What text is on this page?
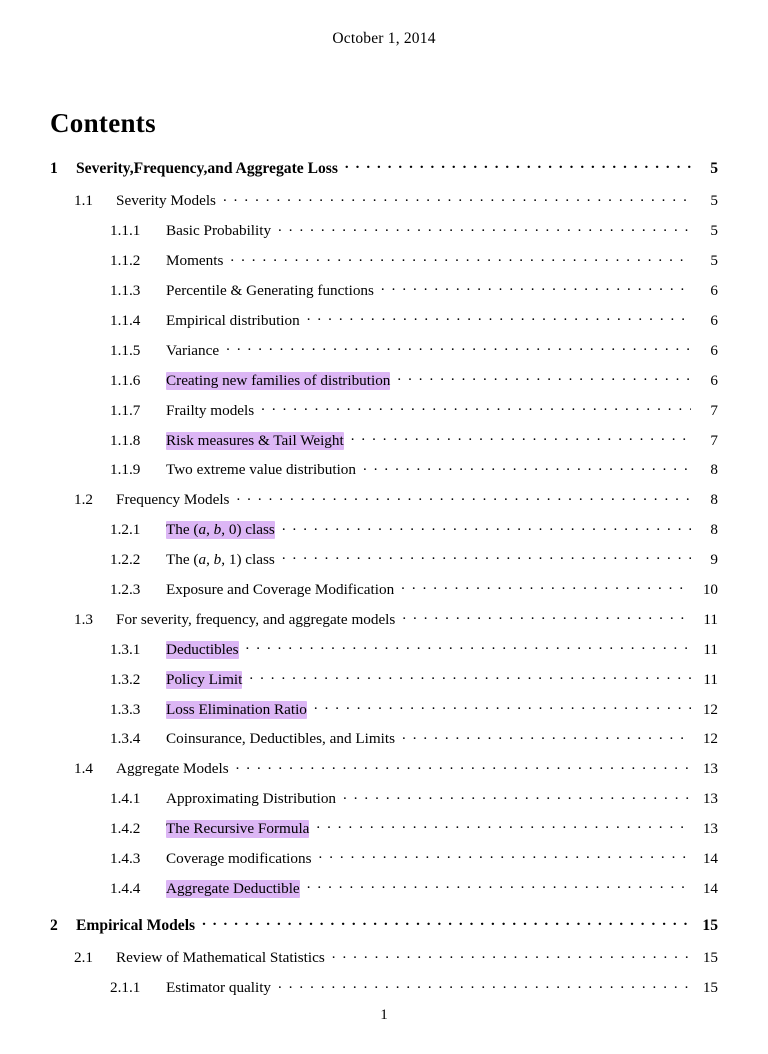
October 1, 2014
Contents
1	Severity,Frequency,and Aggregate Loss . . .	5
1.1	Severity Models . . .	5
1.1.1	Basic Probability . . .	5
1.1.2	Moments . . .	5
1.1.3	Percentile & Generating functions . . .	6
1.1.4	Empirical distribution . . .	6
1.1.5	Variance . . .	6
1.1.6	Creating new families of distribution . . .	6
1.1.7	Frailty models . . .	7
1.1.8	Risk measures & Tail Weight . . .	7
1.1.9	Two extreme value distribution . . .	8
1.2	Frequency Models . . .	8
1.2.1	The (a, b, 0) class . . .	8
1.2.2	The (a, b, 1) class . . .	9
1.2.3	Exposure and Coverage Modification . . .	10
1.3	For severity, frequency, and aggregate models . . .	11
1.3.1	Deductibles . . .	11
1.3.2	Policy Limit . . .	11
1.3.3	Loss Elimination Ratio . . .	12
1.3.4	Coinsurance, Deductibles, and Limits . . .	12
1.4	Aggregate Models . . .	13
1.4.1	Approximating Distribution . . .	13
1.4.2	The Recursive Formula . . .	13
1.4.3	Coverage modifications . . .	14
1.4.4	Aggregate Deductible . . .	14
2	Empirical Models . . .	15
2.1	Review of Mathematical Statistics . . .	15
2.1.1	Estimator quality . . .	15
1
